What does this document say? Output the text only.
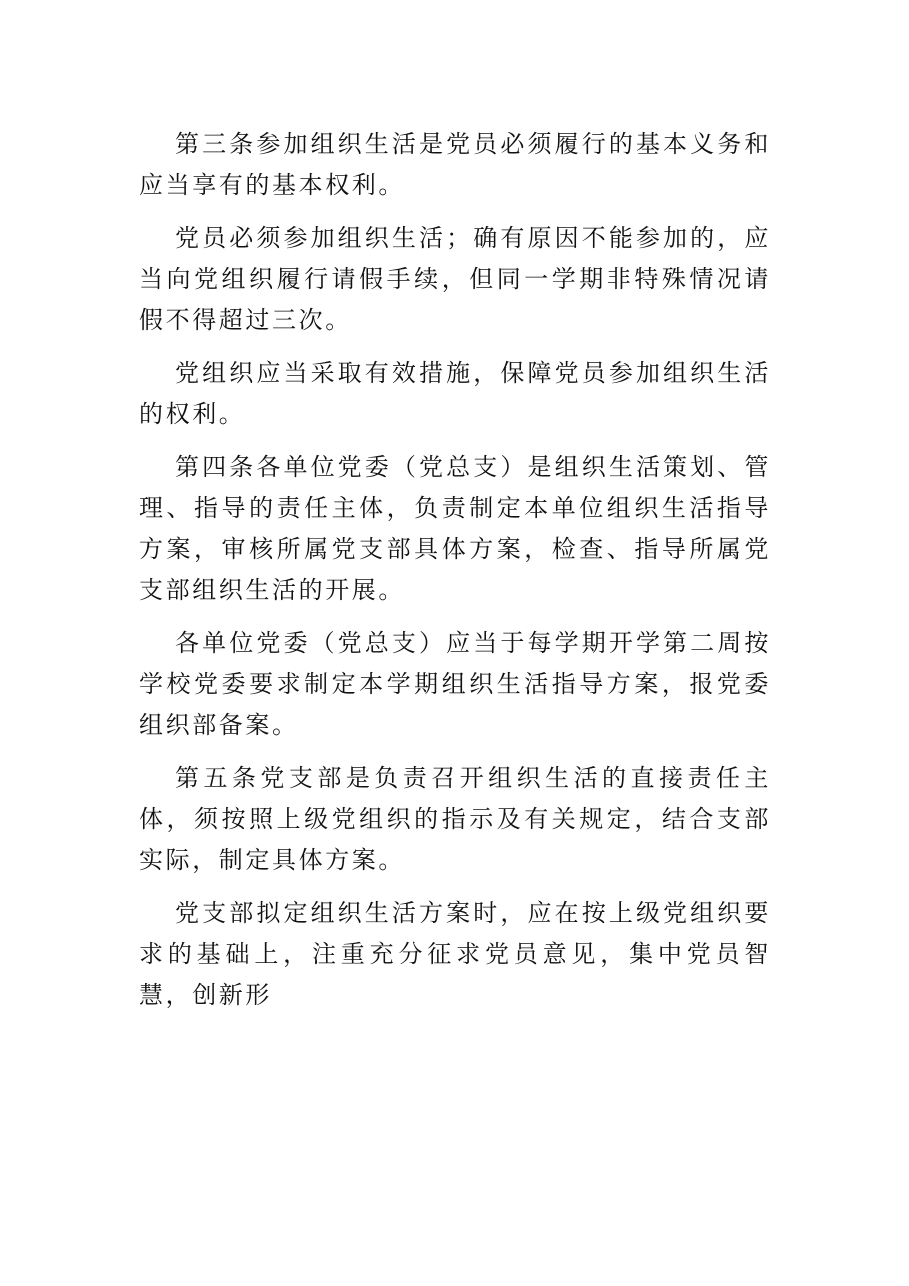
第三条参加组织生活是党员必须履行的基本义务和应当享有的基本权利。

党员必须参加组织生活；确有原因不能参加的，应当向党组织履行请假手续，但同一学期非特殊情况请假不得超过三次。

党组织应当采取有效措施，保障党员参加组织生活的权利。

第四条各单位党委（党总支）是组织生活策划、管理、指导的责任主体，负责制定本单位组织生活指导方案，审核所属党支部具体方案，检查、指导所属党支部组织生活的开展。

各单位党委（党总支）应当于每学期开学第二周按学校党委要求制定本学期组织生活指导方案，报党委组织部备案。

第五条党支部是负责召开组织生活的直接责任主体，须按照上级党组织的指示及有关规定，结合支部实际，制定具体方案。

党支部拟定组织生活方案时，应在按上级党组织要求的基础上，注重充分征求党员意见，集中党员智慧，创新形
